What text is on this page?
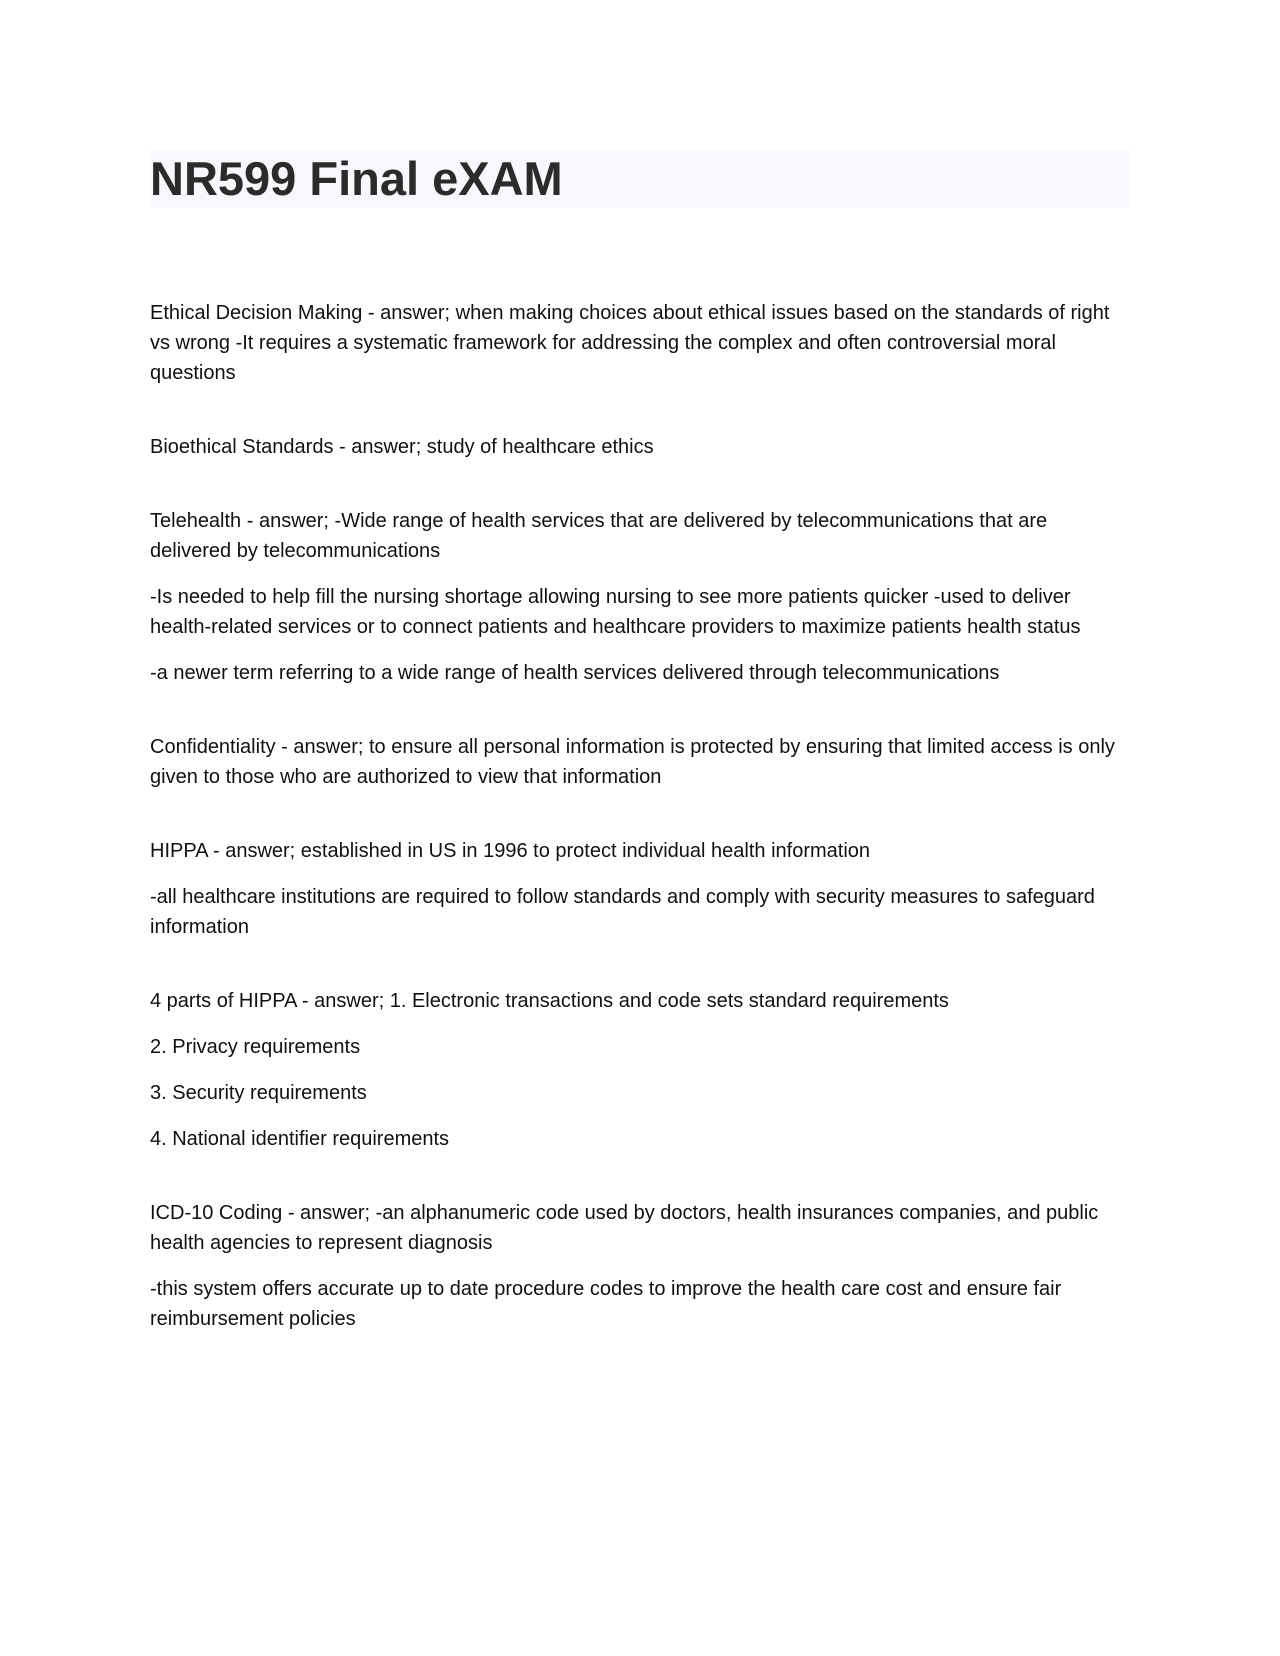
NR599 Final eXAM

Ethical Decision Making - answer; when making choices about ethical issues based on the standards of right vs wrong -It requires a systematic framework for addressing the complex and often controversial moral questions

Bioethical Standards - answer; study of healthcare ethics

Telehealth - answer; -Wide range of health services that are delivered by telecommunications that are delivered by telecommunications

-Is needed to help fill the nursing shortage allowing nursing to see more patients quicker -used to deliver health-related services or to connect patients and healthcare providers to maximize patients health status

-a newer term referring to a wide range of health services delivered through telecommunications

Confidentiality - answer; to ensure all personal information is protected by ensuring that limited access is only given to those who are authorized to view that information

HIPPA - answer; established in US in 1996 to protect individual health information

-all healthcare institutions are required to follow standards and comply with security measures to safeguard information

4 parts of HIPPA - answer; 1. Electronic transactions and code sets standard requirements

2. Privacy requirements

3. Security requirements

4. National identifier requirements

ICD-10 Coding - answer; -an alphanumeric code used by doctors, health insurances companies, and public health agencies to represent diagnosis

-this system offers accurate up to date procedure codes to improve the health care cost and ensure fair reimbursement policies
